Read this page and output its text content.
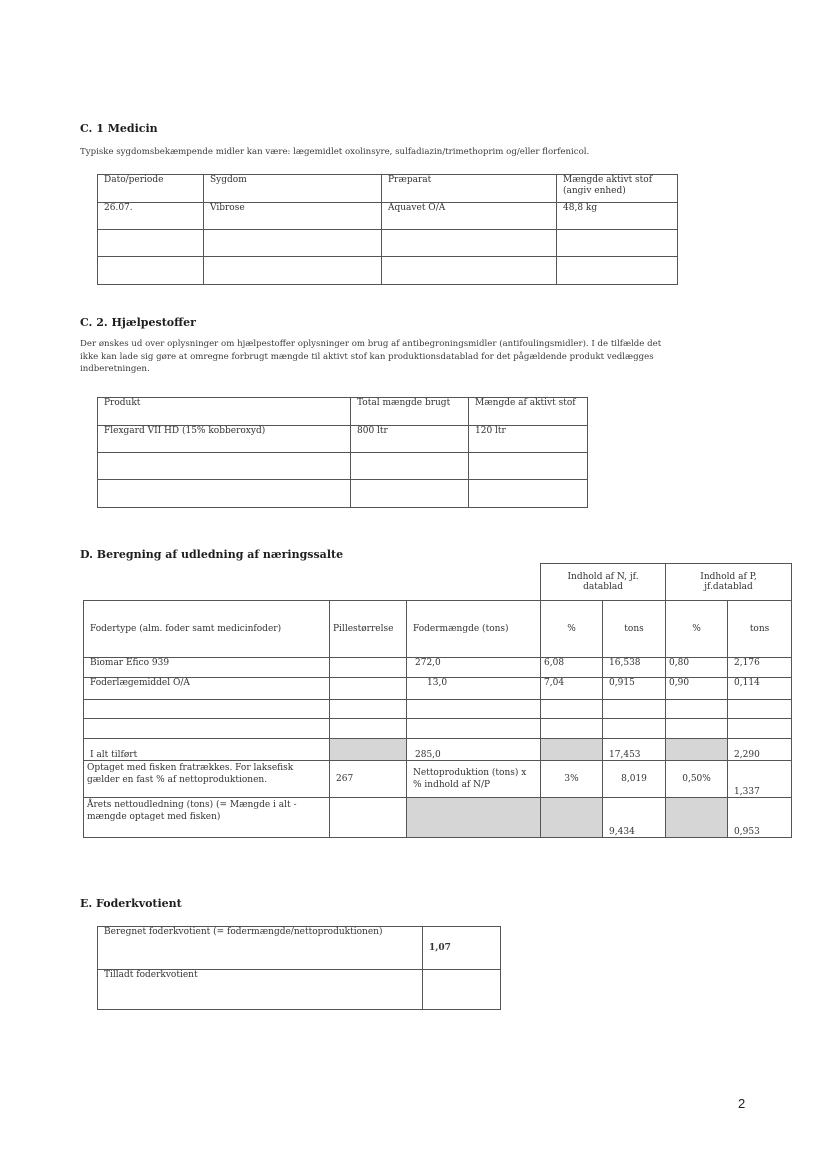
C. 1 Medicin
Typiske sygdomsbekæmpende midler kan være: lægemidlet oxolinsyre, sulfadiazin/trimethoprim og/eller florfenicol.
Dato/periode	Sygdom	Præparat	Mængde aktivt stof (angiv enhed)
26.07.	Vibrose	Aquavet O/A	48,8 kg

C. 2. Hjælpestoffer
Der ønskes ud over oplysninger om hjælpestoffer oplysninger om brug af antibegroningsmidler (antifoulingsmidler). I de tilfælde det
ikke kan lade sig gøre at omregne forbrugt mængde til aktivt stof kan produktionsdatablad for det pågældende produkt vedlægges
indberetningen.
Produkt	Total mængde brugt	Mængde af aktivt stof
Flexgard VII HD (15% kobberoxyd)	800 ltr	120 ltr

D. Beregning af udledning af næringssalte
			Indhold af N, jf. datablad		Indhold af P, jf.datablad	
Fodertype (alm. foder samt medicinfoder)	Pillestørrelse	Fodermængde (tons)	%	tons	%	tons
Biomar Efico 939		272,0	6,08	16,538	0,80	2,176
Foderlægemiddel O/A		13,0	7,04	0,915	0,90	0,114

I alt tilført		285,0		17,453		2,290
Optaget med fisken fratrækkes. For laksefisk gælder en fast % af nettoproduktionen.	267	Nettoproduktion (tons) x % indhold af N/P	3%	8,019	0,50%	1,337
Årets nettoudledning (tons) (= Mængde i alt - mængde optaget med fisken)				9,434		0,953
E. Foderkvotient
Beregnet foderkvotient (= fodermængde/nettoproduktionen)	1,07
Tilladt foderkvotient	
2
